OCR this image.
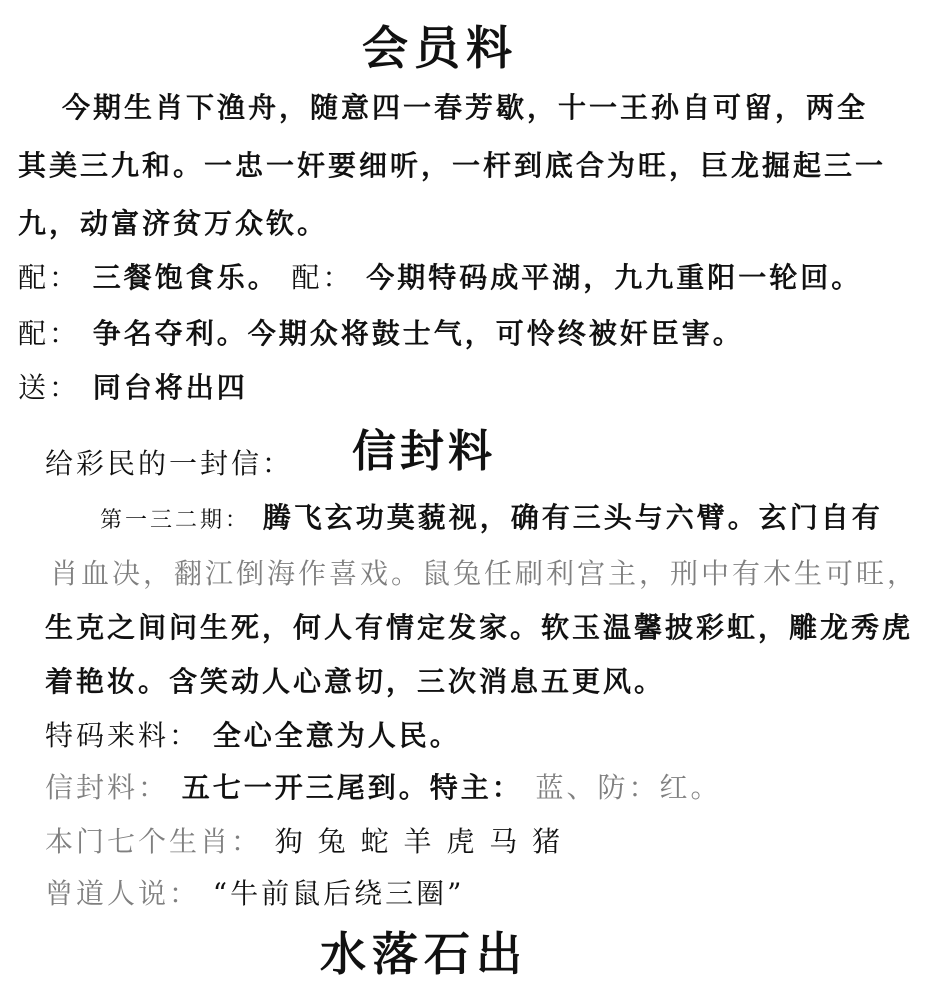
会员料
今期生肖下渔舟，随意四一春芳歇，十一王孙自可留，两全
其美三九和。一忠一奸要细听，一杆到底合为旺，巨龙掘起三一
九，动富济贫万众钦。
配： 三餐饱食乐。 配： 今期特码成平湖，九九重阳一轮回。
配： 争名夺利。今期众将鼓士气，可怜终被奸臣害。
送： 同台将出四
给彩民的一封信： 信封料
第一三二期： 腾飞玄功莫藐视，确有三头与六臂。玄门自有
肖血决，翻江倒海作喜戏。鼠兔任刷利宫主，刑中有木生可旺，
生克之间问生死，何人有情定发家。软玉温馨披彩虹，雕龙秀虎
着艳妆。含笑动人心意切，三次消息五更风。
特码来料： 全心全意为人民。
信封料： 五七一开三尾到。特主： 蓝、防：红。
本门七个生肖： 狗 兔 蛇 羊 虎 马 猪
曾道人说： “牛前鼠后绕三圈”
水落石出
